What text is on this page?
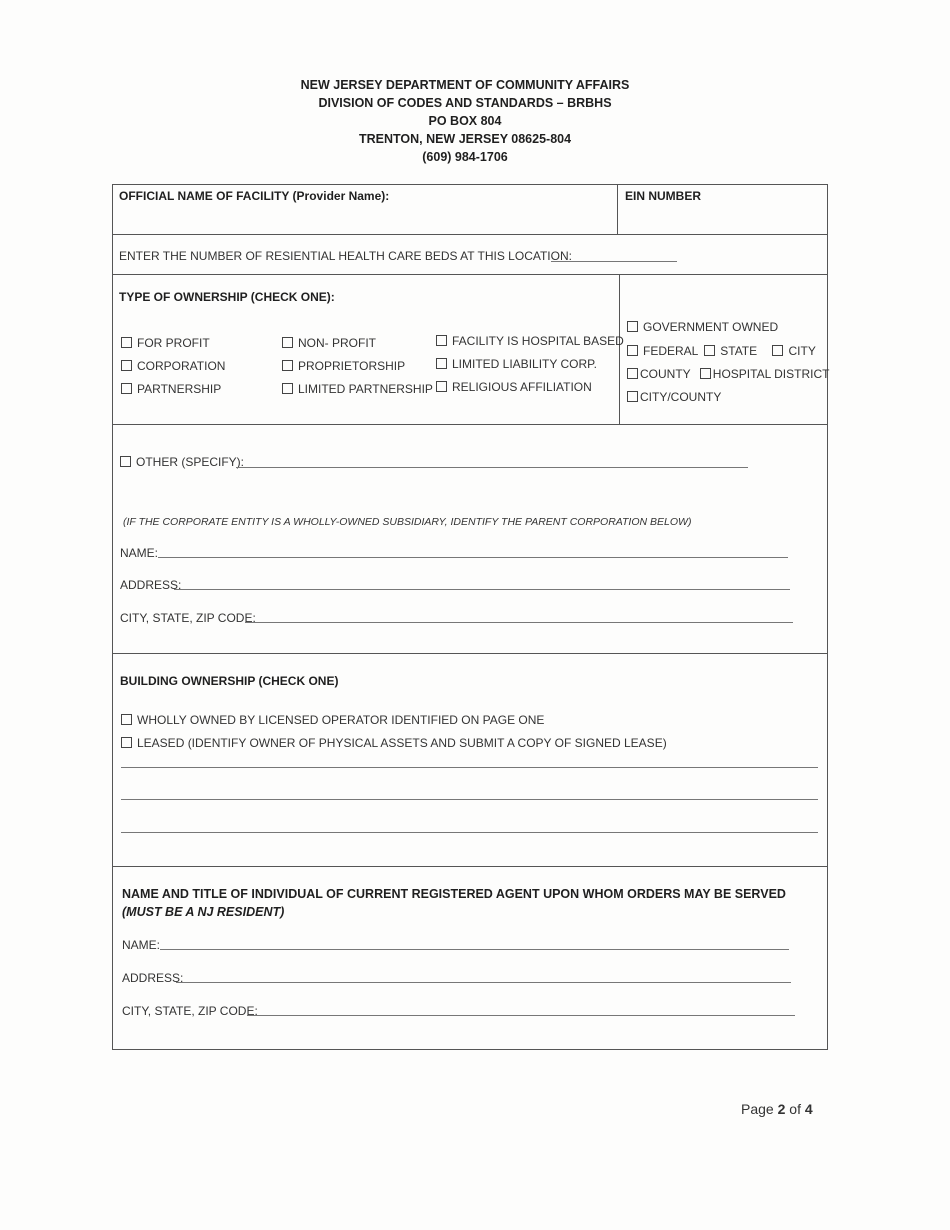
NEW JERSEY DEPARTMENT OF COMMUNITY AFFAIRS
DIVISION OF CODES AND STANDARDS – BRBHS
PO BOX 804
TRENTON, NEW JERSEY 08625-804
(609) 984-1706
OFFICIAL NAME OF FACILITY (Provider Name):	EIN NUMBER
ENTER THE NUMBER OF RESIENTIAL HEALTH CARE BEDS AT THIS LOCATION:
TYPE OF OWNERSHIP (CHECK ONE):
FOR PROFIT
CORPORATION
PARTNERSHIP
NON- PROFIT
PROPRIETORSHIP
LIMITED PARTNERSHIP
FACILITY IS HOSPITAL BASED
LIMITED LIABILITY CORP.
RELIGIOUS AFFILIATION
GOVERNMENT OWNED
FEDERAL STATE	CITY
COUNTY HOSPITAL DISTRICT
CITY/COUNTY
OTHER (SPECIFY):
(IF THE CORPORATE ENTITY IS A WHOLLY-OWNED SUBSIDIARY, IDENTIFY THE PARENT CORPORATION BELOW)
NAME:
ADDRESS:
CITY, STATE, ZIP CODE:
BUILDING OWNERSHIP (CHECK ONE)
WHOLLY OWNED BY LICENSED OPERATOR IDENTIFIED ON PAGE ONE
LEASED (IDENTIFY OWNER OF PHYSICAL ASSETS AND SUBMIT A COPY OF SIGNED LEASE)
NAME AND TITLE OF INDIVIDUAL OF CURRENT REGISTERED AGENT UPON WHOM ORDERS MAY BE SERVED
(MUST BE A NJ RESIDENT)
NAME:
ADDRESS:
CITY, STATE, ZIP CODE:
Page 2 of 4
